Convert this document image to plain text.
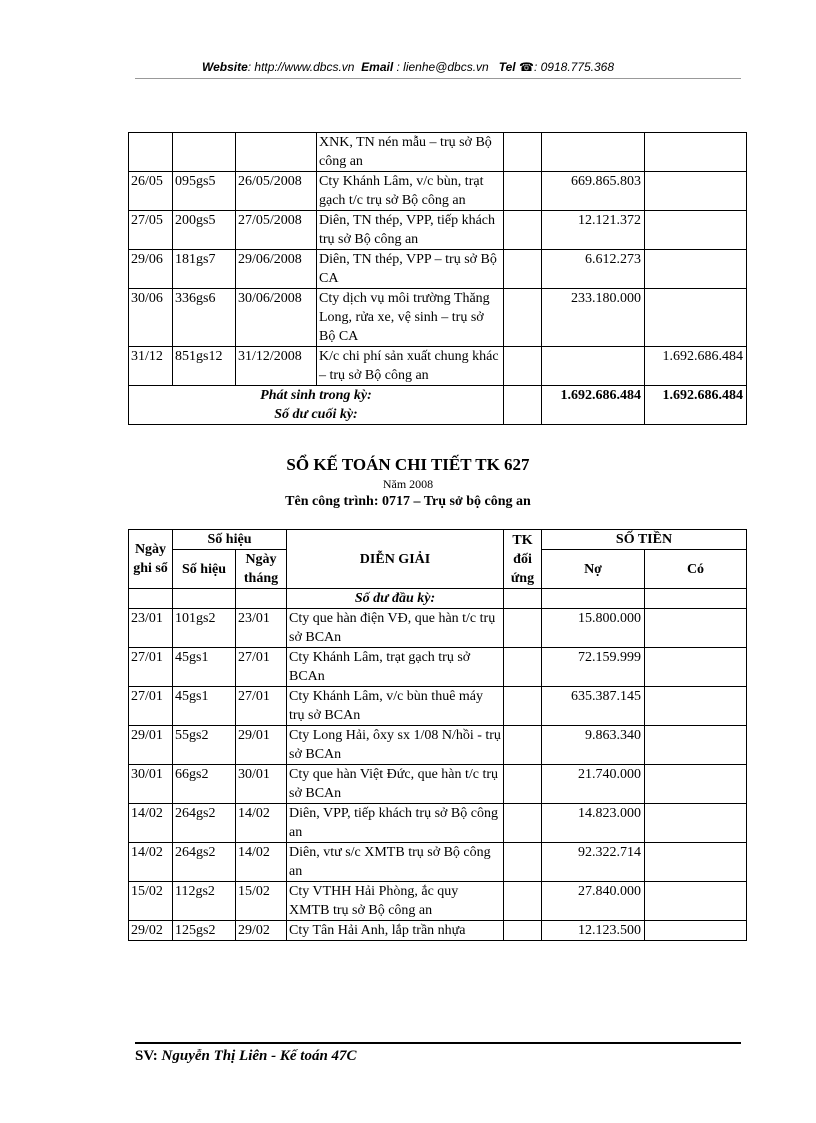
Website: http://www.dbcs.vn Email : lienhe@dbcs.vn Tel ☎: 0918.775.368
			XNK, TN nén mẫu – trụ sở Bộ công an			
26/05	095gs5	26/05/2008	Cty Khánh Lâm, v/c bùn, trạt gạch t/c trụ sở Bộ công an		669.865.803	
27/05	200gs5	27/05/2008	Diên, TN thép, VPP, tiếp khách trụ sở Bộ công an		12.121.372	
29/06	181gs7	29/06/2008	Diên, TN thép, VPP – trụ sở Bộ CA		6.612.273	
30/06	336gs6	30/06/2008	Cty dịch vụ môi trường Thăng Long, rửa xe, vệ sinh – trụ sở Bộ CA		233.180.000	
31/12	851gs12	31/12/2008	K/c chi phí sản xuất chung khác – trụ sở Bộ công an			1.692.686.484

Phát sinh trong kỳ:
Số dư cuối kỳ:					1.692.686.484	1.692.686.484
SỔ KẾ TOÁN CHI TIẾT TK 627
Năm 2008
Tên công trình: 0717 – Trụ sở bộ công an
Ngày ghi sổ	Số hiệu		DIỄN GIẢI	TK đối ứng	SỐ TIỀN	
	Số hiệu	Ngày tháng			Nợ	Có
			Số dư đầu kỳ:			
23/01	101gs2	23/01	Cty que hàn điện VĐ, que hàn t/c trụ sở BCAn		15.800.000	
27/01	45gs1	27/01	Cty Khánh Lâm, trạt gạch trụ sở BCAn		72.159.999	
27/01	45gs1	27/01	Cty Khánh Lâm, v/c bùn thuê máy trụ sở BCAn		635.387.145	
29/01	55gs2	29/01	Cty Long Hải, ôxy sx 1/08 N/hồi - trụ sở BCAn		9.863.340	
30/01	66gs2	30/01	Cty que hàn Việt Đức, que hàn t/c trụ sở BCAn		21.740.000	
14/02	264gs2	14/02	Diên, VPP, tiếp khách trụ sở Bộ công an		14.823.000	
14/02	264gs2	14/02	Diên, vtư s/c XMTB trụ sở Bộ công an		92.322.714	
15/02	112gs2	15/02	Cty VTHH Hải Phòng, ắc quy XMTB trụ sở Bộ công an		27.840.000	
29/02	125gs2	29/02	Cty Tân Hải Anh, lắp trần nhựa		12.123.500	
SV: Nguyễn Thị Liên - Kế toán 47C
